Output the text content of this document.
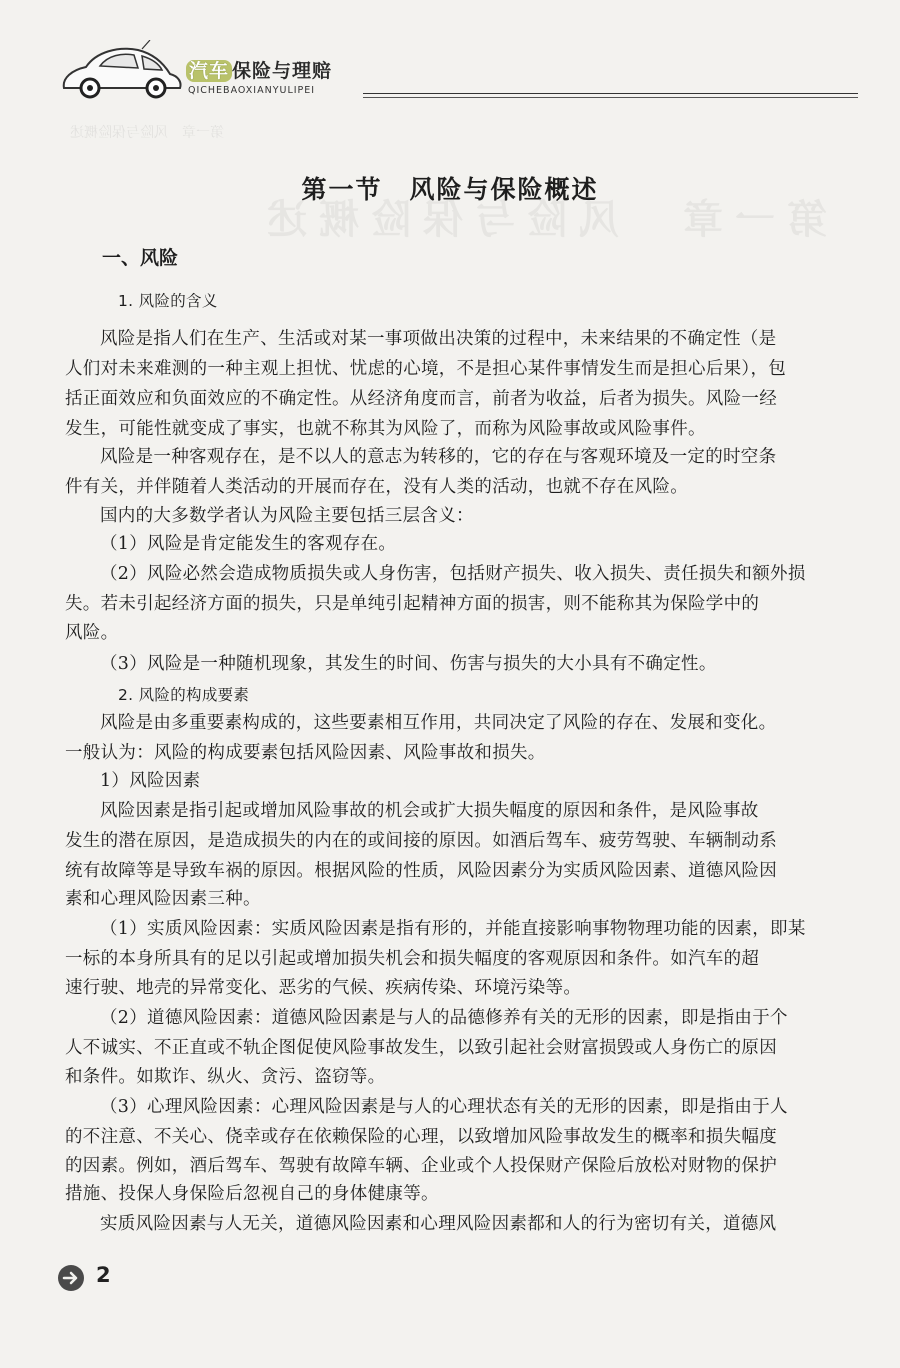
第一章　风险与保险概述
第一章　风险与保险概述
汽车 保险与理赔
QICHEBAOXIANYULIPEI
第一节　风险与保险概述
一、风险
1. 风险的含义
风险是指人们在生产、生活或对某一事项做出决策的过程中，未来结果的不确定性（是
人们对未来难测的一种主观上担忧、忧虑的心境，不是担心某件事情发生而是担心后果），包
括正面效应和负面效应的不确定性。从经济角度而言，前者为收益，后者为损失。风险一经
发生，可能性就变成了事实，也就不称其为风险了，而称为风险事故或风险事件。
风险是一种客观存在，是不以人的意志为转移的，它的存在与客观环境及一定的时空条
件有关，并伴随着人类活动的开展而存在，没有人类的活动，也就不存在风险。
国内的大多数学者认为风险主要包括三层含义：
（1）风险是肯定能发生的客观存在。
（2）风险必然会造成物质损失或人身伤害，包括财产损失、收入损失、责任损失和额外损
失。若未引起经济方面的损失，只是单纯引起精神方面的损害，则不能称其为保险学中的
风险。
（3）风险是一种随机现象，其发生的时间、伤害与损失的大小具有不确定性。
2. 风险的构成要素
风险是由多重要素构成的，这些要素相互作用，共同决定了风险的存在、发展和变化。
一般认为：风险的构成要素包括风险因素、风险事故和损失。
1）风险因素
风险因素是指引起或增加风险事故的机会或扩大损失幅度的原因和条件，是风险事故
发生的潜在原因，是造成损失的内在的或间接的原因。如酒后驾车、疲劳驾驶、车辆制动系
统有故障等是导致车祸的原因。根据风险的性质，风险因素分为实质风险因素、道德风险因
素和心理风险因素三种。
（1）实质风险因素：实质风险因素是指有形的，并能直接影响事物物理功能的因素，即某
一标的本身所具有的足以引起或增加损失机会和损失幅度的客观原因和条件。如汽车的超
速行驶、地壳的异常变化、恶劣的气候、疾病传染、环境污染等。
（2）道德风险因素：道德风险因素是与人的品德修养有关的无形的因素，即是指由于个
人不诚实、不正直或不轨企图促使风险事故发生，以致引起社会财富损毁或人身伤亡的原因
和条件。如欺诈、纵火、贪污、盗窃等。
（3）心理风险因素：心理风险因素是与人的心理状态有关的无形的因素，即是指由于人
的不注意、不关心、侥幸或存在依赖保险的心理，以致增加风险事故发生的概率和损失幅度
的因素。例如，酒后驾车、驾驶有故障车辆、企业或个人投保财产保险后放松对财物的保护
措施、投保人身保险后忽视自己的身体健康等。
实质风险因素与人无关，道德风险因素和心理风险因素都和人的行为密切有关，道德风
2
